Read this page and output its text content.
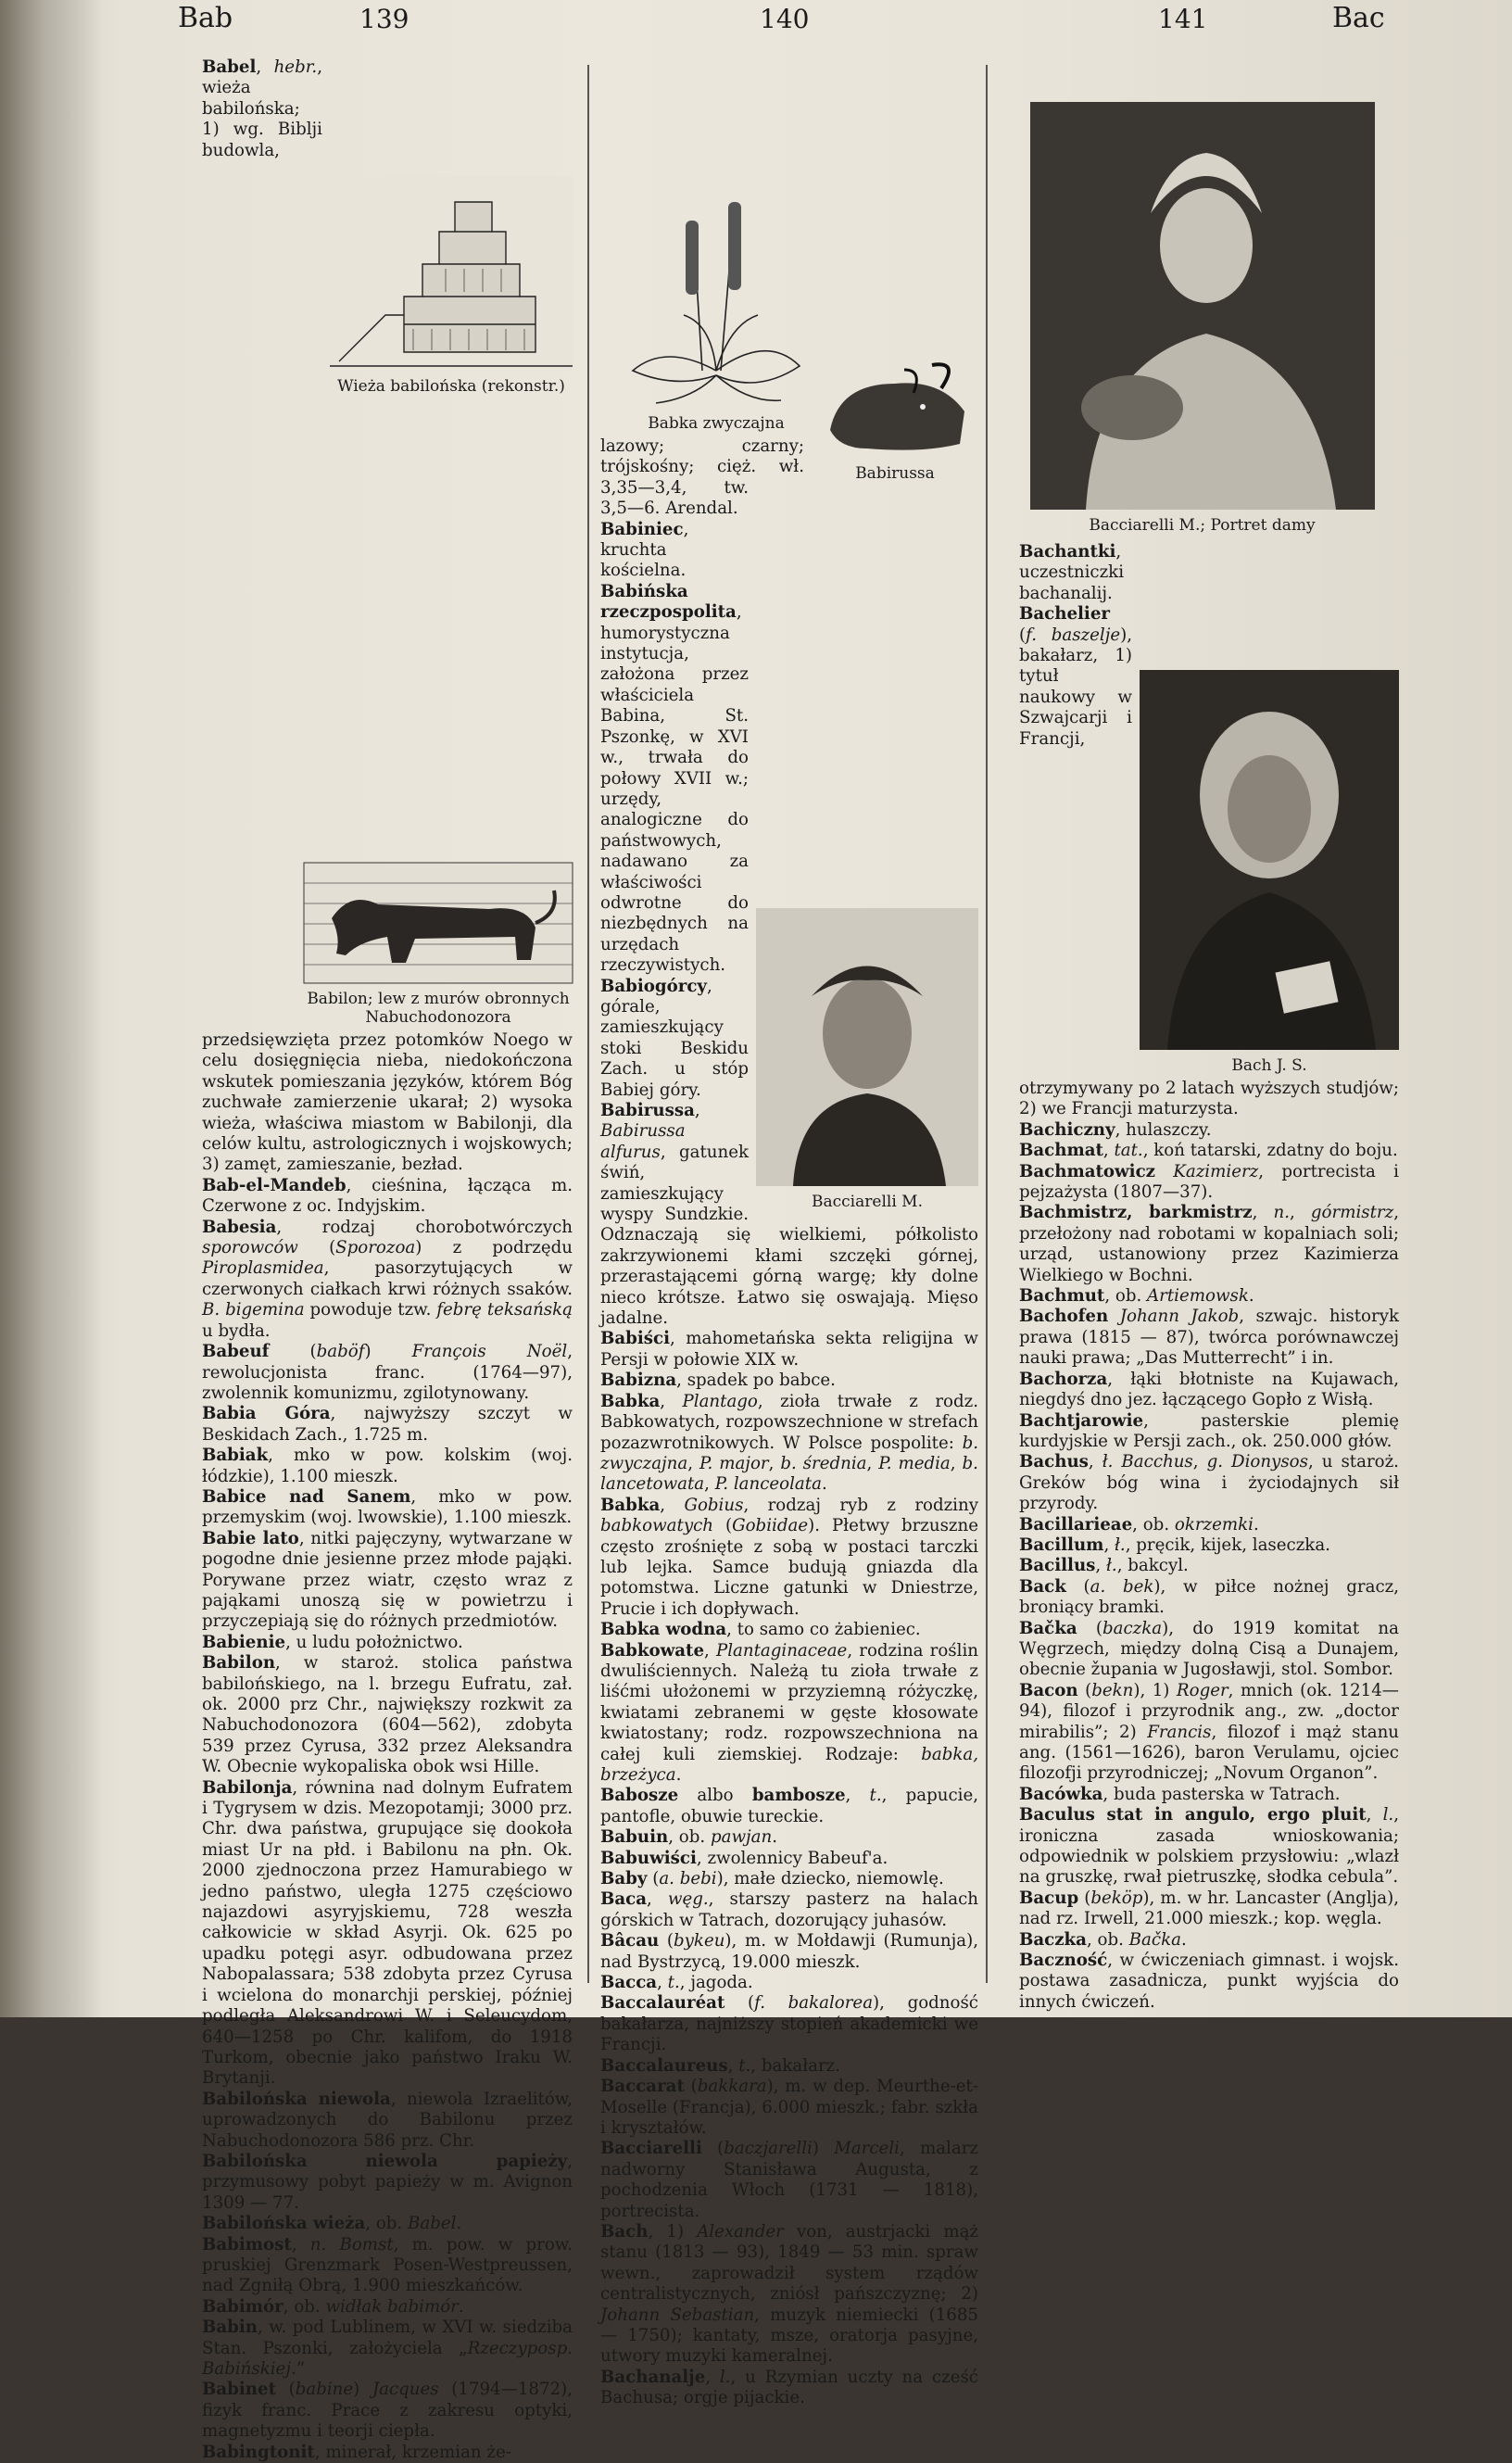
Bab	139	140	141	Bac
Wieża babilońska (rekonstr.)
Babilon; lew z murów obronnych Nabuchodonozora

Babel, hebr., wieża babilońska; 1) wg. Biblji budowla, przedsięwzięta przez potomków Noego w celu dosięgnięcia nieba, niedokończona wskutek pomieszania języków, którem Bóg zuchwałe zamierzenie ukarał; 2) wysoka wieża, właściwa miastom w Babilonji, dla celów kultu, astrologicznych i wojskowych; 3) zamęt, zamieszanie, bezład.

Bab-el-Mandeb, cieśnina, łącząca m. Czerwone z oc. Indyjskim.

Babesia, rodzaj chorobotwórczych sporowców (Sporozoa) z podrzędu Piroplasmidea, pasorzytujących w czerwonych ciałkach krwi różnych ssaków. B. bigemina powoduje tzw. febrę teksańską u bydła.

Babeuf (baböf) François Noël, rewolucjonista franc. (1764—97), zwolennik komunizmu, zgilotynowany.

Babia Góra, najwyższy szczyt w Beskidach Zach., 1.725 m.

Babiak, mko w pow. kolskim (woj. łódzkie), 1.100 mieszk.

Babice nad Sanem, mko w pow. przemyskim (woj. lwowskie), 1.100 mieszk.

Babie lato, nitki pajęczyny, wytwarzane w pogodne dnie jesienne przez młode pająki. Porywane przez wiatr, często wraz z pająkami unoszą się w powietrzu i przyczepiają się do różnych przedmiotów.

Babienie, u ludu położnictwo.

Babilon, w staroż. stolica państwa babilońskiego, na l. brzegu Eufratu, zał. ok. 2000 prz Chr., największy rozkwit za Nabuchodonozora (604—562), zdobyta 539 przez Cyrusa, 332 przez Aleksandra W. Obecnie wykopaliska obok wsi Hille.

Babilonja, równina nad dolnym Eufratem i Tygrysem w dzis. Mezopotamji; 3000 prz. Chr. dwa państwa, grupujące się dookoła miast Ur na płd. i Babilonu na płn. Ok. 2000 zjednoczona przez Hamurabiego w jedno państwo, uległa 1275 częściowo najazdowi asyryjskiemu, 728 weszła całkowicie w skład Asyrji. Ok. 625 po upadku potęgi asyr. odbudowana przez Nabopalassara; 538 zdobyta przez Cyrusa i wcielona do monarchji perskiej, później podległa Aleksandrowi W. i Seleucydom, 640—1258 po Chr. kalifom, do 1918 Turkom, obecnie jako państwo Iraku W. Brytanji.

Babilońska niewola, niewola Izraelitów, uprowadzonych do Babilonu przez Nabuchodonozora 586 prz. Chr.

Babilońska niewola papieży, przymusowy pobyt papieży w m. Avignon 1309 — 77.

Babilońska wieża, ob. Babel.

Babimost, n. Bomst, m. pow. w prow. pruskiej Grenzmark Posen-Westpreussen, nad Zgniłą Obrą, 1.900 mieszkańców.

Babimór, ob. widłak babimór.

Babin, w. pod Lublinem, w XVI w. siedziba Stan. Pszonki, założyciela „Rzeczyposp. Babińskiej.”

Babinet (babine) Jacques (1794—1872), fizyk franc. Prace z zakresu optyki, magnetyzmu i teorji ciepła.

Babingtonit, minerał, krzemian że-

Babirussa
Babka zwyczajna
Bacciarelli M.

lazowy; czarny; trójskośny; cięż. wł. 3,35—3,4, tw. 3,5—6. Arendal.

Babiniec, kruchta kościelna.

Babińska rzeczpospolita, humorystyczna instytucja, założona przez właściciela Babina, St. Pszonkę, w XVI w., trwała do połowy XVII w.; urzędy, analogiczne do państwowych, nadawano za właściwości odwrotne do niezbędnych na urzędach rzeczywistych.

Babiogórcy, górale, zamieszkujący stoki Beskidu Zach. u stóp Babiej góry.

Babirussa, Babirussa alfurus, gatunek świń, zamieszkujący wyspy Sundzkie. Odznaczają się wielkiemi, półkolisto zakrzywionemi kłami szczęki górnej, przerastającemi górną wargę; kły dolne nieco krótsze. Łatwo się oswajają. Mięso jadalne.

Babiści, mahometańska sekta religijna w Persji w połowie XIX w.

Babizna, spadek po babce.

Babka, Plantago, zioła trwałe z rodz. Babkowatych, rozpowszechnione w strefach pozazwrotnikowych. W Polsce pospolite: b. zwyczajna, P. major, b. średnia, P. media, b. lancetowata, P. lanceolata.

Babka, Gobius, rodzaj ryb z rodziny babkowatych (Gobiidae). Płetwy brzuszne często zrośnięte z sobą w postaci tarczki lub lejka. Samce budują gniazda dla potomstwa. Liczne gatunki w Dniestrze, Prucie i ich dopływach.

Babka wodna, to samo co żabieniec.

Babkowate, Plantaginaceae, rodzina roślin dwuliściennych. Należą tu zioła trwałe z liśćmi ułożonemi w przyziemną różyczkę, kwiatami zebranemi w gęste kłosowate kwiatostany; rodz. rozpowszechniona na całej kuli ziemskiej. Rodzaje: babka, brzeżyca.

Babosze albo bambosze, t., papucie, pantofle, obuwie tureckie.

Babuin, ob. pawjan.

Babuwiści, zwolennicy Babeuf'a.

Baby (a. bebi), małe dziecko, niemowlę.

Baca, węg., starszy pasterz na halach górskich w Tatrach, dozorujący juhasów.

Bâcau (bykeu), m. w Mołdawji (Rumunja), nad Bystrzycą, 19.000 mieszk.

Bacca, t., jagoda.

Baccalauréat (f. bakalorea), godność bakałarza, najniższy stopień akademicki we Francji.

Baccalaureus, t., bakałarz.

Baccarat (bakkara), m. w dep. Meurthe-et-Moselle (Francja), 6.000 mieszk.; fabr. szkła i kryształów.

Bacciarelli (baczjarelli) Marceli, malarz nadworny Stanisława Augusta, z pochodzenia Włoch (1731 — 1818), portrecista.

Bach, 1) Alexander von, austrjacki mąż stanu (1813 — 93), 1849 — 53 min. spraw wewn., zaprowadził system rządów centralistycznych, zniósł pańszczyznę; 2) Johann Sebastian, muzyk niemiecki (1685 — 1750); kantaty, msze, oratorja pasyjne, utwory muzyki kameralnej.

Bachanalje, l., u Rzymian uczty na cześć Bachusa; orgje pijackie.

Bacciarelli M.; Portret damy
Bach J. S.

Bachantki, uczestniczki bachanalij.

Bachelier (f. baszelje), bakałarz, 1) tytuł naukowy w Szwajcarji i Francji, otrzymywany po 2 latach wyższych studjów; 2) we Francji maturzysta.

Bachiczny, hulaszczy.

Bachmat, tat., koń tatarski, zdatny do boju.

Bachmatowicz Kazimierz, portrecista i pejzażysta (1807—37).

Bachmistrz, barkmistrz, n., górmistrz, przełożony nad robotami w kopalniach soli; urząd, ustanowiony przez Kazimierza Wielkiego w Bochni.

Bachmut, ob. Artiemowsk.

Bachofen Johann Jakob, szwajc. historyk prawa (1815 — 87), twórca porównawczej nauki prawa; „Das Mutterrecht” i in.

Bachorza, łąki błotniste na Kujawach, niegdyś dno jez. łączącego Gopło z Wisłą.

Bachtjarowie, pasterskie plemię kurdyjskie w Persji zach., ok. 250.000 głów.

Bachus, ł. Bacchus, g. Dionysos, u staroż. Greków bóg wina i życiodajnych sił przyrody.

Bacillarieae, ob. okrzemki.

Bacillum, ł., pręcik, kijek, laseczka.

Bacillus, ł., bakcyl.

Back (a. bek), w piłce nożnej gracz, broniący bramki.

Bačka (baczka), do 1919 komitat na Węgrzech, między dolną Cisą a Dunajem, obecnie župania w Jugosławji, stol. Sombor.

Bacon (bekn), 1) Roger, mnich (ok. 1214—94), filozof i przyrodnik ang., zw. „doctor mirabilis”; 2) Francis, filozof i mąż stanu ang. (1561—1626), baron Verulamu, ojciec filozofji przyrodniczej; „Novum Organon”.

Bacówka, buda pasterska w Tatrach.

Baculus stat in angulo, ergo pluit, l., ironiczna zasada wnioskowania; odpowiednik w polskiem przysłowiu: „wlazł na gruszkę, rwał pietruszkę, słodka cebula”.

Bacup (beköp), m. w hr. Lancaster (Anglja), nad rz. Irwell, 21.000 mieszk.; kop. węgla.

Baczka, ob. Bačka.

Baczność, w ćwiczeniach gimnast. i wojsk. postawa zasadnicza, punkt wyjścia do innych ćwiczeń.
